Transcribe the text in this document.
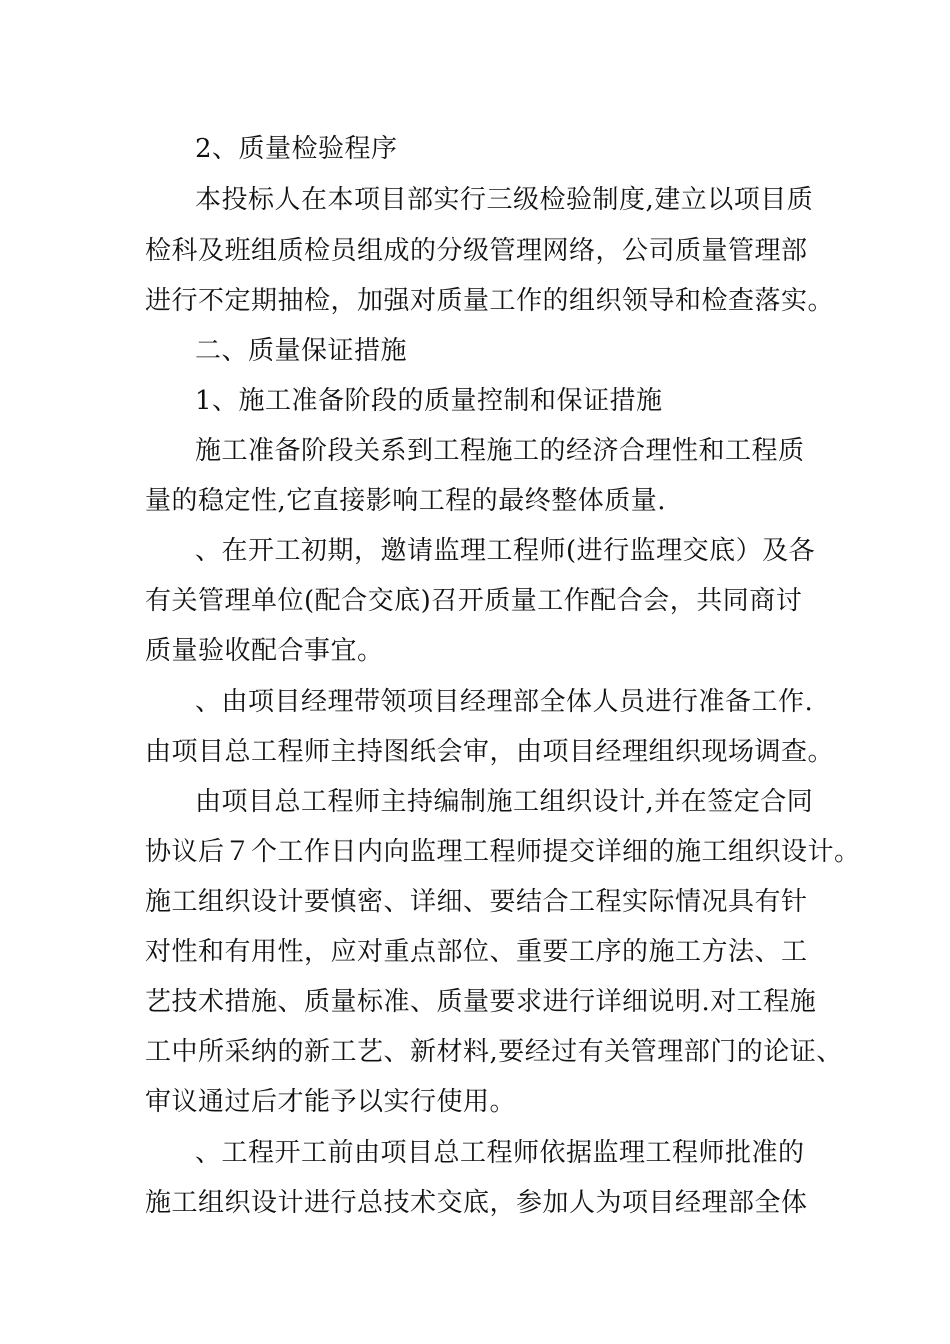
2、质量检验程序
本投标人在本项目部实行三级检验制度,建立以项目质
检科及班组质检员组成的分级管理网络，公司质量管理部
进行不定期抽检，加强对质量工作的组织领导和检查落实。
二、质量保证措施
1、施工准备阶段的质量控制和保证措施
施工准备阶段关系到工程施工的经济合理性和工程质
量的稳定性,它直接影响工程的最终整体质量.
、在开工初期，邀请监理工程师(进行监理交底）及各
有关管理单位(配合交底)召开质量工作配合会，共同商讨
质量验收配合事宜。
、由项目经理带领项目经理部全体人员进行准备工作.
由项目总工程师主持图纸会审，由项目经理组织现场调查。
由项目总工程师主持编制施工组织设计,并在签定合同
协议后７个工作日内向监理工程师提交详细的施工组织设计。
施工组织设计要慎密、详细、要结合工程实际情况具有针
对性和有用性，应对重点部位、重要工序的施工方法、工
艺技术措施、质量标准、质量要求进行详细说明.对工程施
工中所采纳的新工艺、新材料,要经过有关管理部门的论证、
审议通过后才能予以实行使用。
、工程开工前由项目总工程师依据监理工程师批准的
施工组织设计进行总技术交底，参加人为项目经理部全体
